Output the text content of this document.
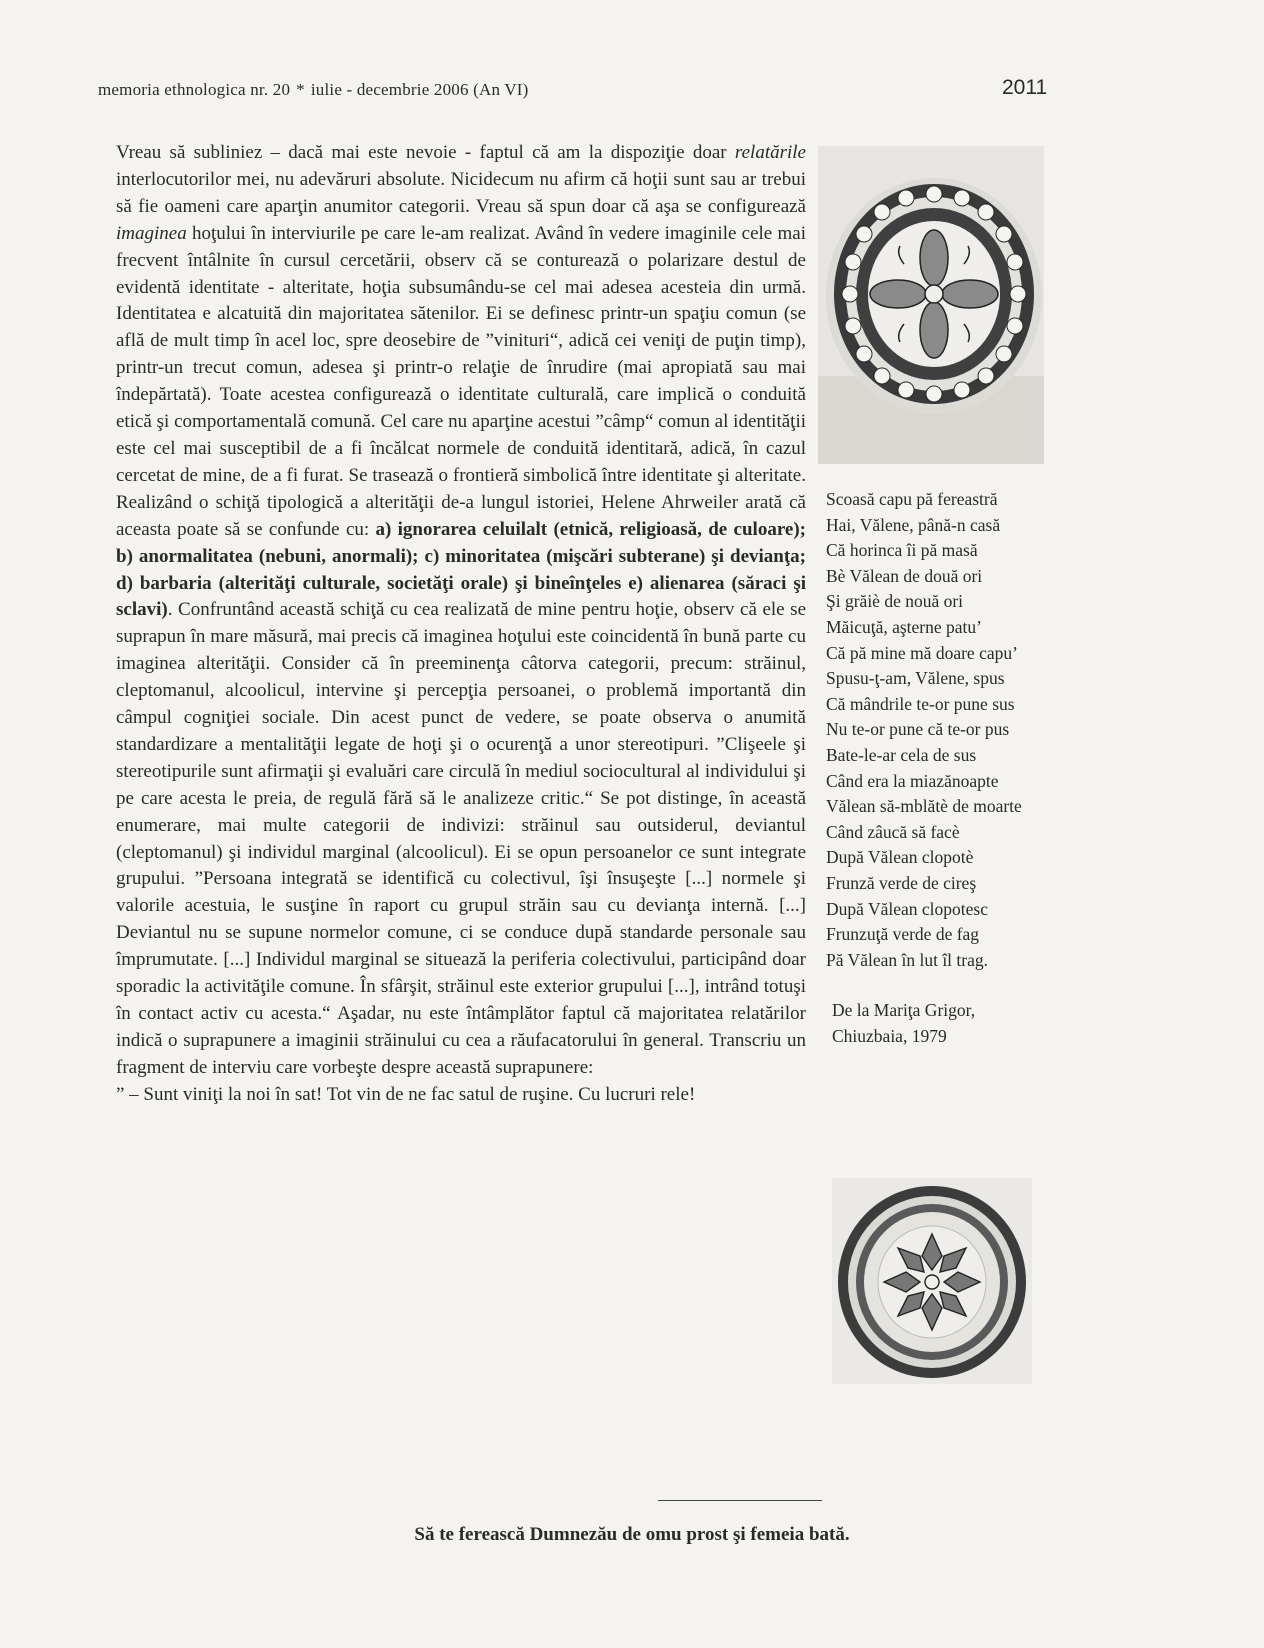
memoria ethnologica nr. 20 * iulie - decembrie 2006 (An VI)	2011

Vreau să subliniez – dacă mai este nevoie - faptul că am la dispoziţie doar relatările interlocutorilor mei, nu adevăruri absolute. Nicidecum nu afirm că hoţii sunt sau ar trebui să fie oameni care aparţin anumitor categorii. Vreau să spun doar că aşa se configurează imaginea hoţului în interviurile pe care le-am realizat. Având în vedere imaginile cele mai frecvent întâlnite în cursul cercetării, observ că se conturează o polarizare destul de evidentă identitate - alteritate, hoţia subsumându-se cel mai adesea acesteia din urmă. Identitatea e alcatuită din majoritatea sătenilor. Ei se definesc printr-un spaţiu comun (se află de mult timp în acel loc, spre deosebire de ”vinituri“, adică cei veniţi de puţin timp), printr-un trecut comun, adesea şi printr-o relaţie de înrudire (mai apropiată sau mai îndepărtată). Toate acestea configurează o identitate culturală, care implică o conduită etică şi comportamentală comună. Cel care nu aparţine acestui ”câmp“ comun al identităţii este cel mai susceptibil de a fi încălcat normele de conduită identitară, adică, în cazul cercetat de mine, de a fi furat. Se trasează o frontieră simbolică între identitate şi alteritate. Realizând o schiţă tipologică a alterităţii de-a lungul istoriei, Helene Ahrweiler arată că aceasta poate să se confunde cu: a) ignorarea celuilalt (etnică, religioasă, de culoare); b) anormalitatea (nebuni, anormali); c) minoritatea (mişcări subterane) şi devianţa; d) barbaria (alterităţi culturale, societăţi orale) şi bineînţeles e) alienarea (săraci şi sclavi). Confruntând această schiţă cu cea realizată de mine pentru hoţie, observ că ele se suprapun în mare măsură, mai precis că imaginea hoţului este coincidentă în bună parte cu imaginea alterităţii. Consider că în preeminenţa câtorva categorii, precum: străinul, cleptomanul, alcoolicul, intervine şi percepţia persoanei, o problemă importantă din câmpul cogniţiei sociale. Din acest punct de vedere, se poate observa o anumită standardizare a mentalităţii legate de hoţi şi o ocurenţă a unor stereotipuri. ”Clişeele şi stereotipurile sunt afirmaţii şi evaluări care circulă în mediul sociocultural al individului şi pe care acesta le preia, de regulă fără să le analizeze critic.“ Se pot distinge, în această enumerare, mai multe categorii de indivizi: străinul sau outsiderul, deviantul (cleptomanul) şi individul marginal (alcoolicul). Ei se opun persoanelor ce sunt integrate grupului. ”Persoana integrată se identifică cu colectivul, îşi însuşeşte [...] normele şi valorile acestuia, le susţine în raport cu grupul străin sau cu devianţa internă. [...] Deviantul nu se supune normelor comune, ci se conduce după standarde personale sau împrumutate. [...] Individul marginal se situează la periferia colectivului, participând doar sporadic la activităţile comune. În sfârşit, străinul este exterior grupului [...], intrând totuşi în contact activ cu acesta.“ Aşadar, nu este întâmplător faptul că majoritatea relatărilor indică o suprapunere a imaginii străinului cu cea a răufacatorului în general. Transcriu un fragment de interviu care vorbeşte despre această suprapunere:

” – Sunt viniţi la noi în sat! Tot vin de ne fac satul de ruşine. Cu lucruri rele!

Scoasă capu pă fereastră
Hai, Vălene, până-n casă
Că horinca îi pă masă
Bè Vălean de două ori
Şi grăiè de nouă ori
Măicuţă, aşterne patu’
Că pă mine mă doare capu’
Spusu-ţ-am, Vălene, spus
Că mândrile te-or pune sus
Nu te-or pune că te-or pus
Bate-le-ar cela de sus
Când era la miazănoapte
Vălean să-mblătè de moarte
Când zâucă să facè
După Vălean clopotè
Frunză verde de cireş
După Vălean clopotesc
Frunzuţă verde de fag
Pă Vălean în lut îl trag.
De la Mariţa Grigor,
Chiuzbaia, 1979
Să te ferească Dumnezău de omu prost şi femeia bată.
